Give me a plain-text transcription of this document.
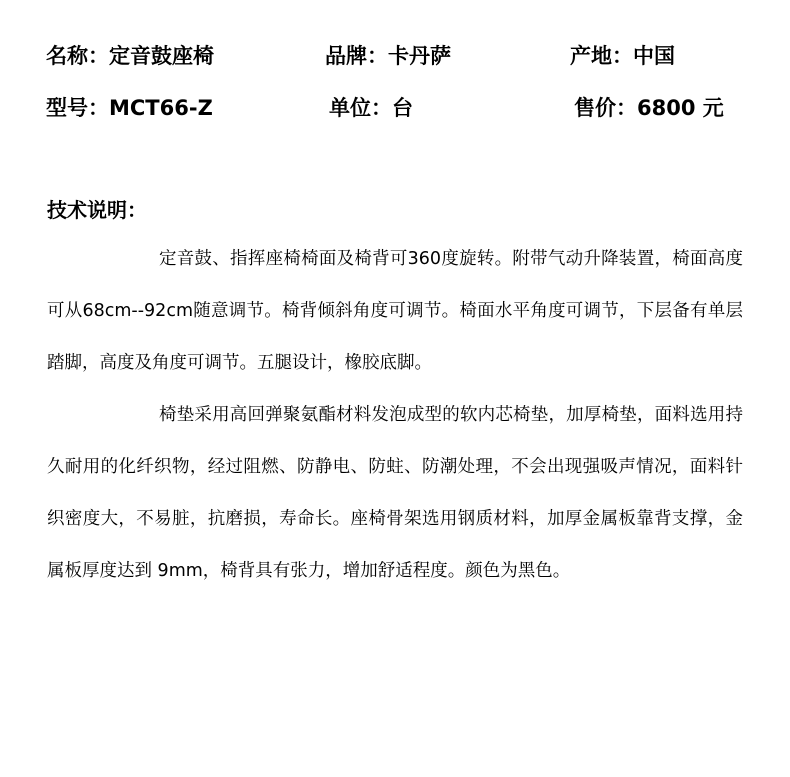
名称：定音鼓座椅	品牌：卡丹萨	产地：中国
型号：MCT66-Z	单位：台	售价：6800 元
技术说明：

定音鼓、指挥座椅椅面及椅背可360度旋转。附带气动升降装置，椅面高度可从68cm--92cm随意调节。椅背倾斜角度可调节。椅面水平角度可调节，下层备有单层踏脚，高度及角度可调节。五腿设计，橡胶底脚。

椅垫采用高回弹聚氨酯材料发泡成型的软内芯椅垫，加厚椅垫，面料选用持久耐用的化纤织物，经过阻燃、防静电、防蛀、防潮处理，不会出现强吸声情况，面料针织密度大，不易脏，抗磨损，寿命长。座椅骨架选用钢质材料，加厚金属板靠背支撑，金属板厚度达到 9mm，椅背具有张力，增加舒适程度。颜色为黑色。
